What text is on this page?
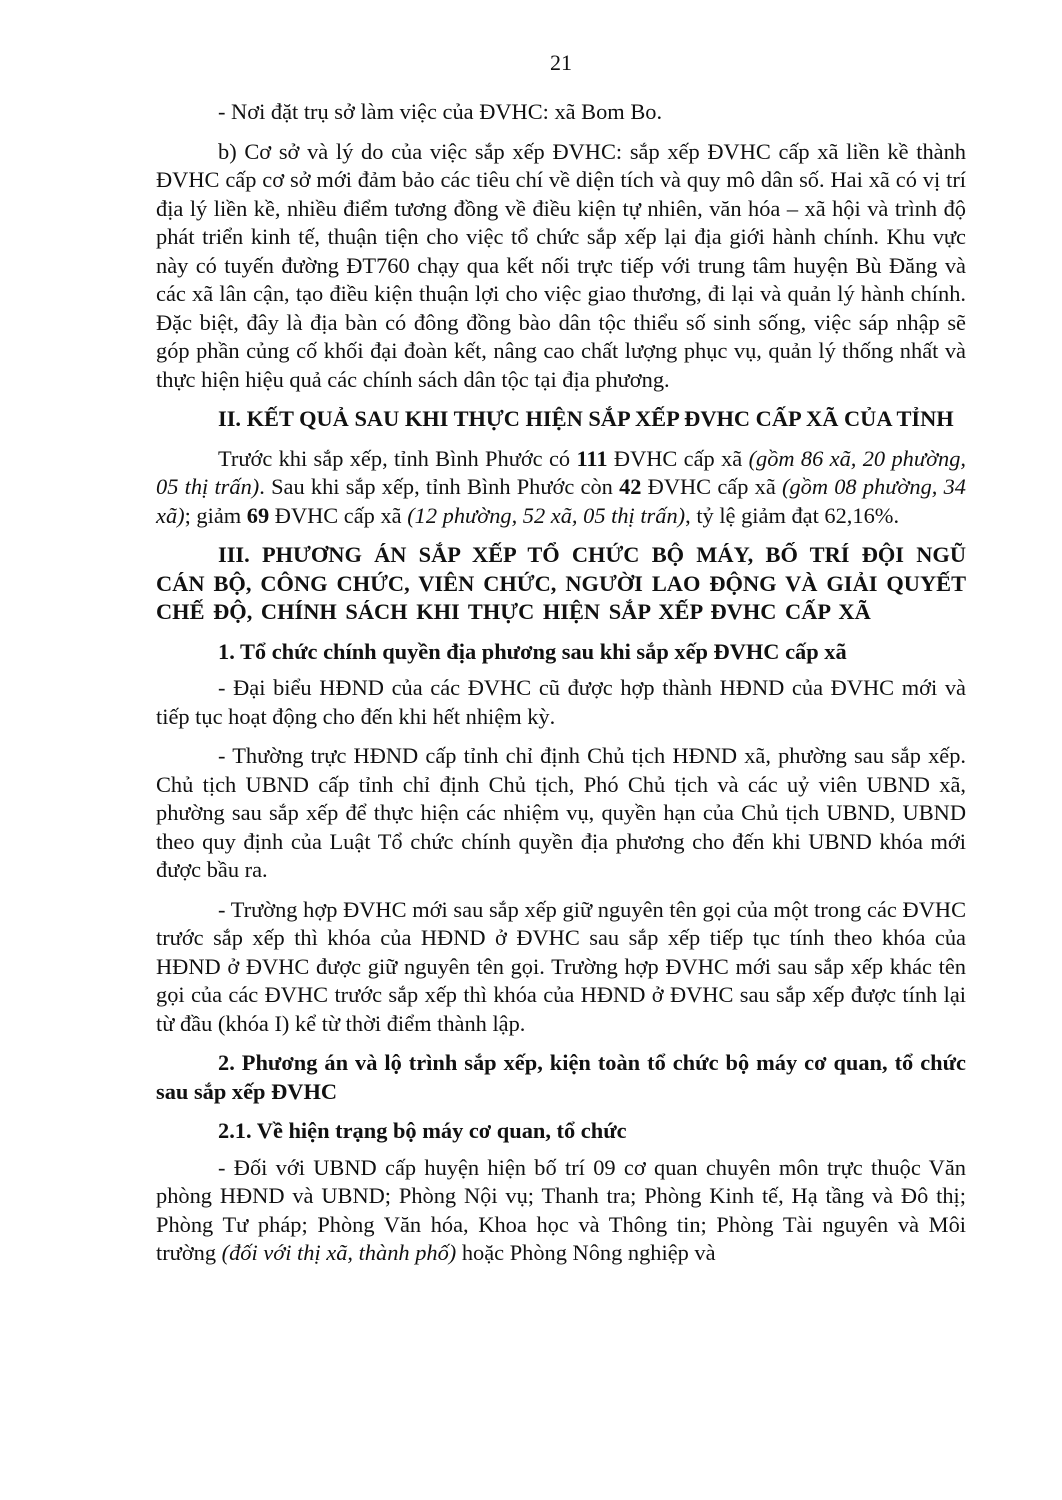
21

- Nơi đặt trụ sở làm việc của ĐVHC: xã Bom Bo.

b) Cơ sở và lý do của việc sắp xếp ĐVHC: sắp xếp ĐVHC cấp xã liền kề thành ĐVHC cấp cơ sở mới đảm bảo các tiêu chí về diện tích và quy mô dân số. Hai xã có vị trí địa lý liền kề, nhiều điểm tương đồng về điều kiện tự nhiên, văn hóa – xã hội và trình độ phát triển kinh tế, thuận tiện cho việc tổ chức sắp xếp lại địa giới hành chính. Khu vực này có tuyến đường ĐT760 chạy qua kết nối trực tiếp với trung tâm huyện Bù Đăng và các xã lân cận, tạo điều kiện thuận lợi cho việc giao thương, đi lại và quản lý hành chính. Đặc biệt, đây là địa bàn có đông đồng bào dân tộc thiểu số sinh sống, việc sáp nhập sẽ góp phần củng cố khối đại đoàn kết, nâng cao chất lượng phục vụ, quản lý thống nhất và thực hiện hiệu quả các chính sách dân tộc tại địa phương.

II. KẾT QUẢ SAU KHI THỰC HIỆN SẮP XẾP ĐVHC CẤP XÃ CỦA TỈNH

Trước khi sắp xếp, tỉnh Bình Phước có 111 ĐVHC cấp xã (gồm 86 xã, 20 phường, 05 thị trấn). Sau khi sắp xếp, tỉnh Bình Phước còn 42 ĐVHC cấp xã (gồm 08 phường, 34 xã); giảm 69 ĐVHC cấp xã (12 phường, 52 xã, 05 thị trấn), tỷ lệ giảm đạt 62,16%.

III. PHƯƠNG ÁN SẮP XẾP TỔ CHỨC BỘ MÁY, BỐ TRÍ ĐỘI NGŨ CÁN BỘ, CÔNG CHỨC, VIÊN CHỨC, NGƯỜI LAO ĐỘNG VÀ GIẢI QUYẾT CHẾ ĐỘ, CHÍNH SÁCH KHI THỰC HIỆN SẮP XẾP ĐVHC CẤP XÃ

1. Tổ chức chính quyền địa phương sau khi sắp xếp ĐVHC cấp xã

- Đại biểu HĐND của các ĐVHC cũ được hợp thành HĐND của ĐVHC mới và tiếp tục hoạt động cho đến khi hết nhiệm kỳ.

- Thường trực HĐND cấp tỉnh chỉ định Chủ tịch HĐND xã, phường sau sắp xếp. Chủ tịch UBND cấp tỉnh chỉ định Chủ tịch, Phó Chủ tịch và các uỷ viên UBND xã, phường sau sắp xếp để thực hiện các nhiệm vụ, quyền hạn của Chủ tịch UBND, UBND theo quy định của Luật Tổ chức chính quyền địa phương cho đến khi UBND khóa mới được bầu ra.

- Trường hợp ĐVHC mới sau sắp xếp giữ nguyên tên gọi của một trong các ĐVHC trước sắp xếp thì khóa của HĐND ở ĐVHC sau sắp xếp tiếp tục tính theo khóa của HĐND ở ĐVHC được giữ nguyên tên gọi. Trường hợp ĐVHC mới sau sắp xếp khác tên gọi của các ĐVHC trước sắp xếp thì khóa của HĐND ở ĐVHC sau sắp xếp được tính lại từ đầu (khóa I) kể từ thời điểm thành lập.

2. Phương án và lộ trình sắp xếp, kiện toàn tổ chức bộ máy cơ quan, tổ chức sau sắp xếp ĐVHC

2.1. Về hiện trạng bộ máy cơ quan, tổ chức

- Đối với UBND cấp huyện hiện bố trí 09 cơ quan chuyên môn trực thuộc Văn phòng HĐND và UBND; Phòng Nội vụ; Thanh tra; Phòng Kinh tế, Hạ tầng và Đô thị; Phòng Tư pháp; Phòng Văn hóa, Khoa học và Thông tin; Phòng Tài nguyên và Môi trường (đối với thị xã, thành phố) hoặc Phòng Nông nghiệp và
